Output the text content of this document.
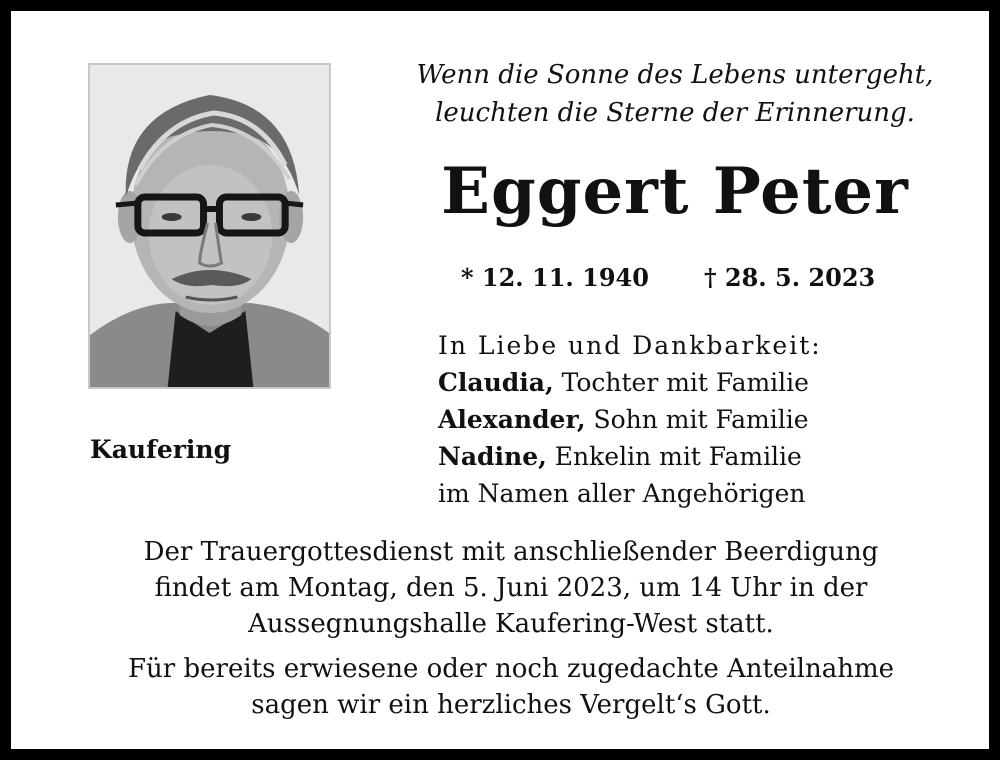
Kaufering
Wenn die Sonne des Lebens untergeht,
leuchten die Sterne der Erinnerung.
Eggert Peter
* 12. 11. 1940 † 28. 5. 2023
In Liebe und Dankbarkeit:
Claudia, Tochter mit Familie
Alexander, Sohn mit Familie
Nadine, Enkelin mit Familie
im Namen aller Angehörigen
Der Trauergottesdienst mit anschließender Beerdigung
findet am Montag, den 5. Juni 2023, um 14 Uhr in der
Aussegnungshalle Kaufering-West statt.
Für bereits erwiesene oder noch zugedachte Anteilnahme
sagen wir ein herzliches Vergelt‘s Gott.
